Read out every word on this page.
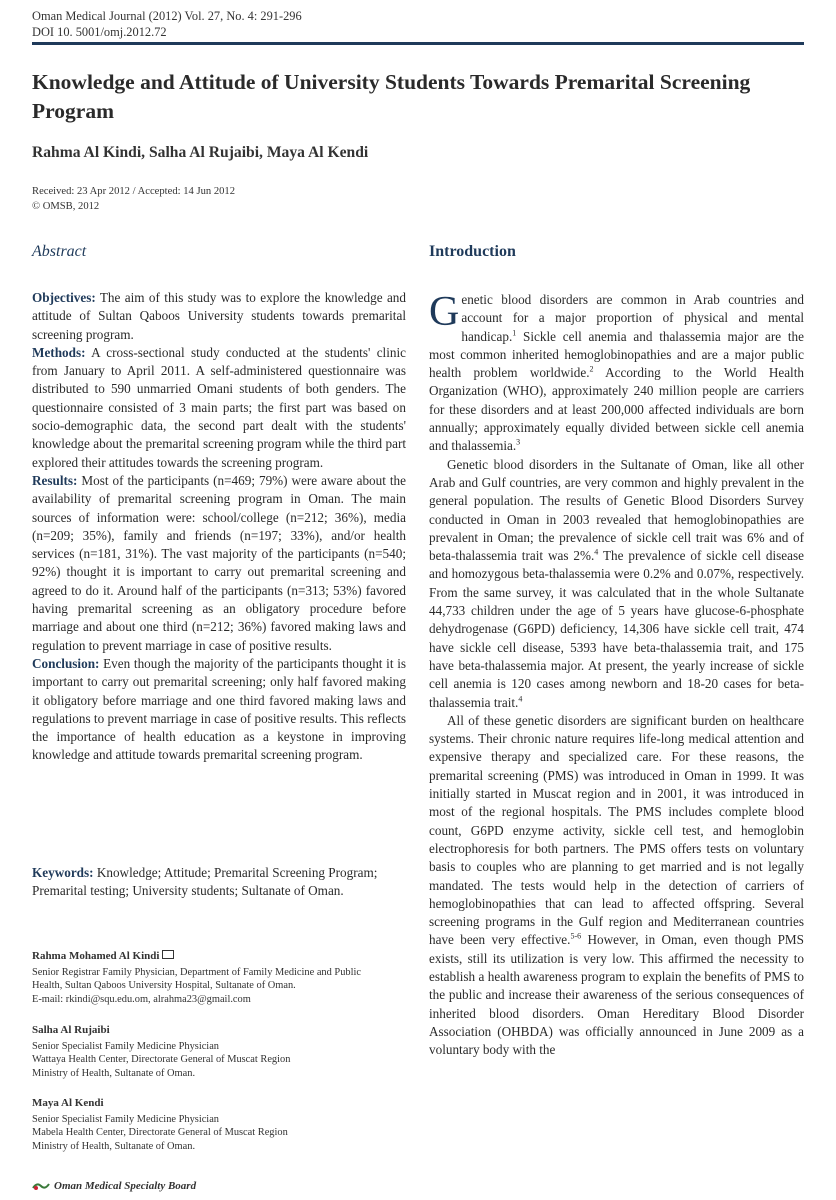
Oman Medical Journal (2012) Vol. 27, No. 4: 291-296
DOI 10. 5001/omj.2012.72
Knowledge and Attitude of University Students Towards Premarital Screening Program
Rahma Al Kindi, Salha Al Rujaibi, Maya Al Kendi
Received: 23 Apr 2012 / Accepted: 14 Jun 2012
© OMSB, 2012
Abstract	Introduction

Objectives: The aim of this study was to explore the knowledge and attitude of Sultan Qaboos University students towards premarital screening program.

Methods: A cross-sectional study conducted at the students' clinic from January to April 2011. A self-administered questionnaire was distributed to 590 unmarried Omani students of both genders. The questionnaire consisted of 3 main parts; the first part was based on socio-demographic data, the second part dealt with the students' knowledge about the premarital screening program while the third part explored their attitudes towards the screening program.

Results: Most of the participants (n=469; 79%) were aware about the availability of premarital screening program in Oman. The main sources of information were: school/college (n=212; 36%), media (n=209; 35%), family and friends (n=197; 33%), and/or health services (n=181, 31%). The vast majority of the participants (n=540; 92%) thought it is important to carry out premarital screening and agreed to do it. Around half of the participants (n=313; 53%) favored having premarital screening as an obligatory procedure before marriage and about one third (n=212; 36%) favored making laws and regulation to prevent marriage in case of positive results.

Conclusion: Even though the majority of the participants thought it is important to carry out premarital screening; only half favored making it obligatory before marriage and one third favored making laws and regulations to prevent marriage in case of positive results. This reflects the importance of health education as a keystone in improving knowledge and attitude towards premarital screening program.

Keywords: Knowledge; Attitude; Premarital Screening Program; Premarital testing; University students; Sultanate of Oman.
Rahma Mohamed Al Kindi
Senior Registrar Family Physician, Department of Family Medicine and Public
Health, Sultan Qaboos University Hospital, Sultanate of Oman.
E-mail: rkindi@squ.edu.om, alrahma23@gmail.com
Salha Al Rujaibi
Senior Specialist Family Medicine Physician
Wattaya Health Center, Directorate General of Muscat Region
Ministry of Health, Sultanate of Oman.
Maya Al Kendi
Senior Specialist Family Medicine Physician
Mabela Health Center, Directorate General of Muscat Region
Ministry of Health, Sultanate of Oman.
Oman Medical Specialty Board

Genetic blood disorders are common in Arab countries and account for a major proportion of physical and mental handicap.$^1$ Sickle cell anemia and thalassemia major are the most common inherited hemoglobinopathies and are a major public health problem worldwide.$^2$ According to the World Health Organization (WHO), approximately 240 million people are carriers for these disorders and at least 200,000 affected individuals are born annually; approximately equally divided between sickle cell anemia and thalassemia.$^3$

Genetic blood disorders in the Sultanate of Oman, like all other Arab and Gulf countries, are very common and highly prevalent in the general population. The results of Genetic Blood Disorders Survey conducted in Oman in 2003 revealed that hemoglobinopathies are prevalent in Oman; the prevalence of sickle cell trait was 6% and of beta-thalassemia trait was 2%.$^4$ The prevalence of sickle cell disease and homozygous beta-thalassemia were 0.2% and 0.07%, respectively. From the same survey, it was calculated that in the whole Sultanate 44,733 children under the age of 5 years have glucose-6-phosphate dehydrogenase (G6PD) deficiency, 14,306 have sickle cell trait, 474 have sickle cell disease, 5393 have beta-thalassemia trait, and 175 have beta-thalassemia major. At present, the yearly increase of sickle cell anemia is 120 cases among newborn and 18-20 cases for beta-thalassemia trait.$^4$

All of these genetic disorders are significant burden on healthcare systems. Their chronic nature requires life-long medical attention and expensive therapy and specialized care. For these reasons, the premarital screening (PMS) was introduced in Oman in 1999. It was initially started in Muscat region and in 2001, it was introduced in most of the regional hospitals. The PMS includes complete blood count, G6PD enzyme activity, sickle cell test, and hemoglobin electrophoresis for both partners. The PMS offers tests on voluntary basis to couples who are planning to get married and is not legally mandated. The tests would help in the detection of carriers of hemoglobinopathies that can lead to affected offspring. Several screening programs in the Gulf region and Mediterranean countries have been very effective.$^{5-6}$ However, in Oman, even though PMS exists, still its utilization is very low. This affirmed the necessity to establish a health awareness program to explain the benefits of PMS to the public and increase their awareness of the serious consequences of inherited blood disorders. Oman Hereditary Blood Disorder Association (OHBDA) was officially announced in June 2009 as a voluntary body with the
